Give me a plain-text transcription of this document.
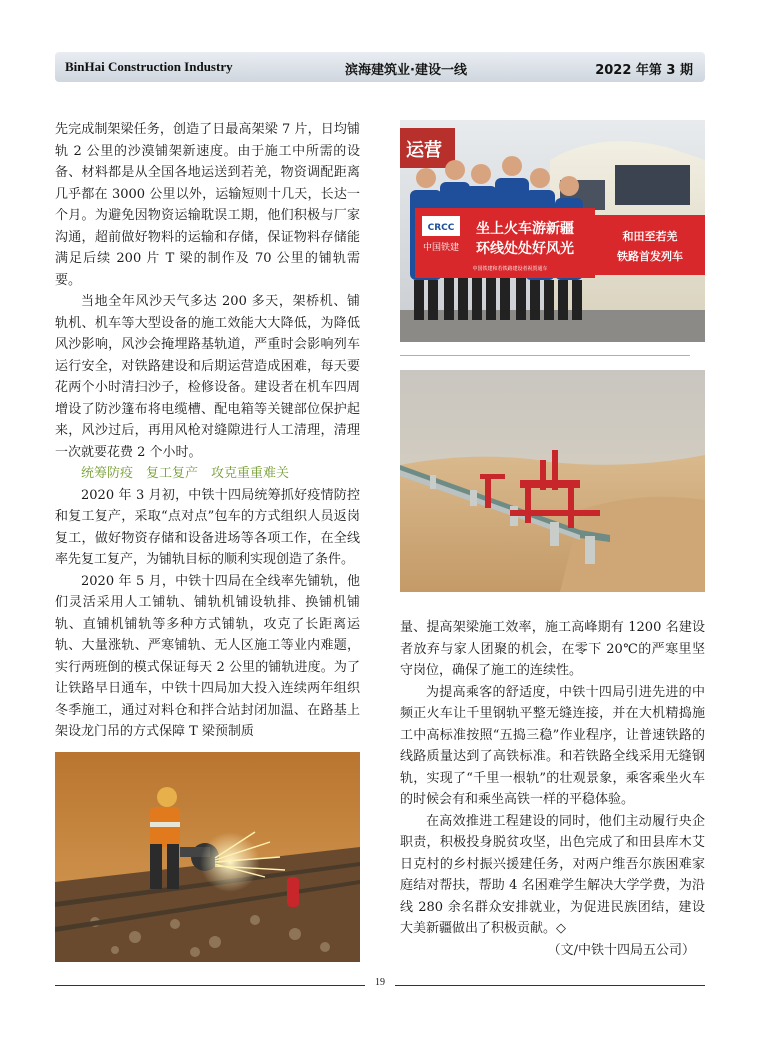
BinHai Construction Industry	滨海建筑业·建设一线	2022 年第 3 期

先完成制架梁任务，创造了日最高架梁 7 片，日均铺轨 2 公里的沙漠铺架新速度。由于施工中所需的设备、材料都是从全国各地运送到若羌，物资调配距离几乎都在 3000 公里以外，运输短则十几天，长达一个月。为避免因物资运输耽误工期，他们积极与厂家沟通，超前做好物料的运输和存储，保证物料存储能满足后续 200 片 T 梁的制作及 70 公里的铺轨需要。

当地全年风沙天气多达 200 多天，架桥机、铺轨机、机车等大型设备的施工效能大大降低，为降低风沙影响，风沙会掩埋路基轨道，严重时会影响列车运行安全，对铁路建设和后期运营造成困难，每天要花两个小时清扫沙子，检修设备。建设者在机车四周增设了防沙篷布将电缆槽、配电箱等关键部位保护起来，风沙过后，再用风枪对缝隙进行人工清理，清理一次就要花费 2 个小时。

统筹防疫　复工复产　攻克重重难关

2020 年 3 月初，中铁十四局统筹抓好疫情防控和复工复产，采取“点对点”包车的方式组织人员返岗复工，做好物资存储和设备进场等各项工作，在全线率先复工复产，为铺轨目标的顺利实现创造了条件。

2020 年 5 月，中铁十四局在全线率先铺轨，他们灵活采用人工铺轨、铺轨机铺设轨排、换铺机铺轨、直铺机铺轨等多种方式铺轨，攻克了长距离运轨、大量涨轨、严寒铺轨、无人区施工等业内难题，实行两班倒的模式保证每天 2 公里的铺轨进度。为了让铁路早日通车，中铁十四局加大投入连续两年组织冬季施工，通过对料仓和拌合站封闭加温、在路基上架设龙门吊的方式保障 T 梁预制质

运营
和田至若羌
铁路首发列车
CRCC
中国铁建
坐上火车游新疆
环线处处好风光
中国铁建和若铁路建设者祝贺通车

量、提高架梁施工效率，施工高峰期有 1200 名建设者放弃与家人团聚的机会，在零下 20℃的严寒里坚守岗位，确保了施工的连续性。

为提高乘客的舒适度，中铁十四局引进先进的中频正火车让千里钢轨平整无缝连接，并在大机精捣施工中高标准按照“五捣三稳”作业程序，让普速铁路的线路质量达到了高铁标准。和若铁路全线采用无缝钢轨，实现了“千里一根轨”的壮观景象，乘客乘坐火车的时候会有和乘坐高铁一样的平稳体验。

在高效推进工程建设的同时，他们主动履行央企职责，积极投身脱贫攻坚，出色完成了和田县库木艾日克村的乡村振兴援建任务，对两户维吾尔族困难家庭结对帮扶，帮助 4 名困难学生解决大学学费，为沿线 280 余名群众安排就业，为促进民族团结，建设大美新疆做出了积极贡献。◇

（文/中铁十四局五公司）

19
